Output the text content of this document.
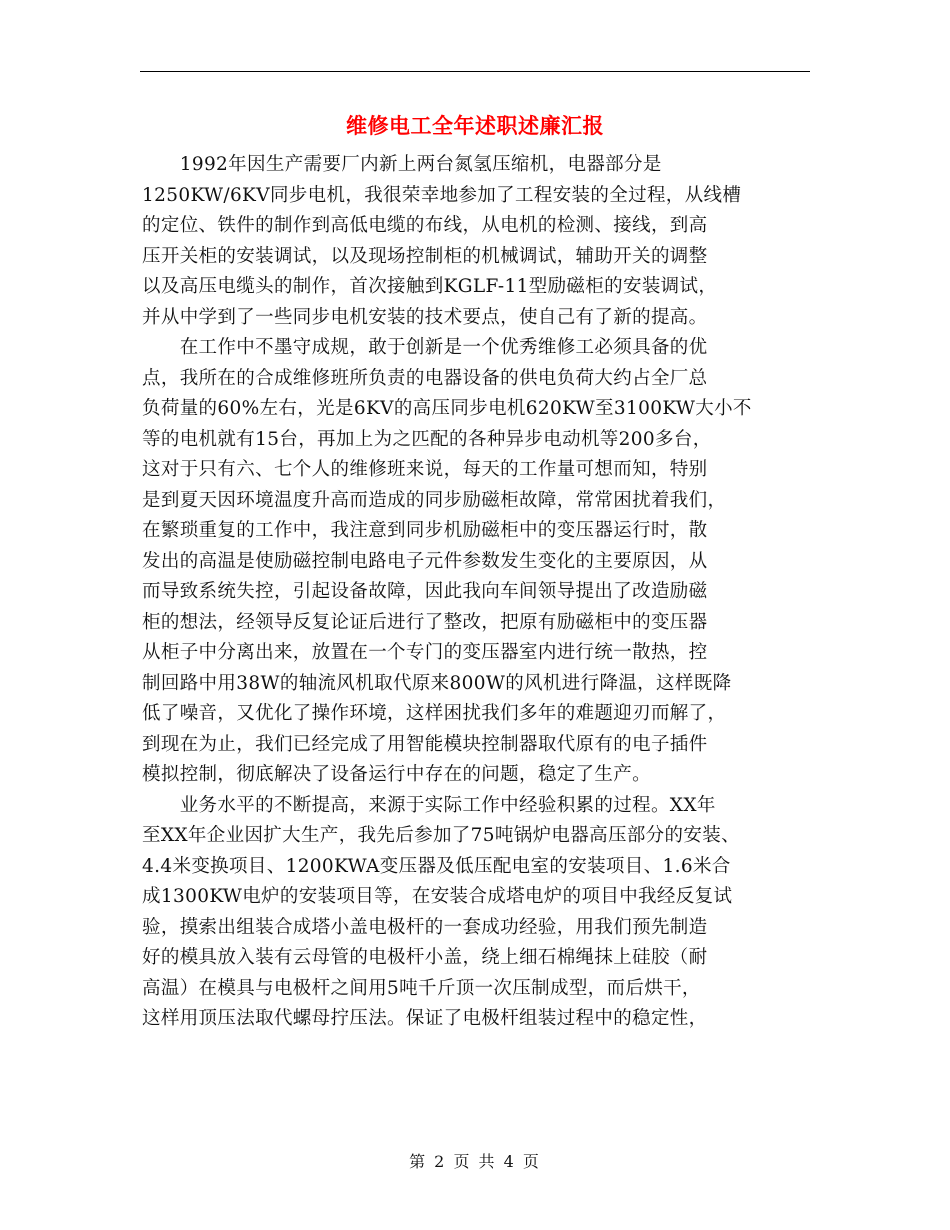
维修电工全年述职述廉汇报
　　1992年因生产需要厂内新上两台氮氢压缩机，电器部分是
1250KW/6KV同步电机，我很荣幸地参加了工程安装的全过程，从线槽
的定位、铁件的制作到高低电缆的布线，从电机的检测、接线，到高
压开关柜的安装调试，以及现场控制柜的机械调试，辅助开关的调整
以及高压电缆头的制作，首次接触到KGLF-11型励磁柜的安装调试，
并从中学到了一些同步电机安装的技术要点，使自己有了新的提高。
　　在工作中不墨守成规，敢于创新是一个优秀维修工必须具备的优
点，我所在的合成维修班所负责的电器设备的供电负荷大约占全厂总
负荷量的60%左右，光是6KV的高压同步电机620KW至3100KW大小不
等的电机就有15台，再加上为之匹配的各种异步电动机等200多台，
这对于只有六、七个人的维修班来说，每天的工作量可想而知，特别
是到夏天因环境温度升高而造成的同步励磁柜故障，常常困扰着我们，
在繁琐重复的工作中，我注意到同步机励磁柜中的变压器运行时，散
发出的高温是使励磁控制电路电子元件参数发生变化的主要原因，从
而导致系统失控，引起设备故障，因此我向车间领导提出了改造励磁
柜的想法，经领导反复论证后进行了整改，把原有励磁柜中的变压器
从柜子中分离出来，放置在一个专门的变压器室内进行统一散热，控
制回路中用38W的轴流风机取代原来800W的风机进行降温，这样既降
低了噪音，又优化了操作环境，这样困扰我们多年的难题迎刃而解了，
到现在为止，我们已经完成了用智能模块控制器取代原有的电子插件
模拟控制，彻底解决了设备运行中存在的问题，稳定了生产。
　　业务水平的不断提高，来源于实际工作中经验积累的过程。XX年
至XX年企业因扩大生产，我先后参加了75吨锅炉电器高压部分的安装、
4.4米变换项目、1200KWA变压器及低压配电室的安装项目、1.6米合
成1300KW电炉的安装项目等，在安装合成塔电炉的项目中我经反复试
验，摸索出组装合成塔小盖电极杆的一套成功经验，用我们预先制造
好的模具放入装有云母管的电极杆小盖，绕上细石棉绳抹上硅胶（耐
高温）在模具与电极杆之间用5吨千斤顶一次压制成型，而后烘干，
这样用顶压法取代螺母拧压法。保证了电极杆组装过程中的稳定性，
第 2 页 共 4 页
